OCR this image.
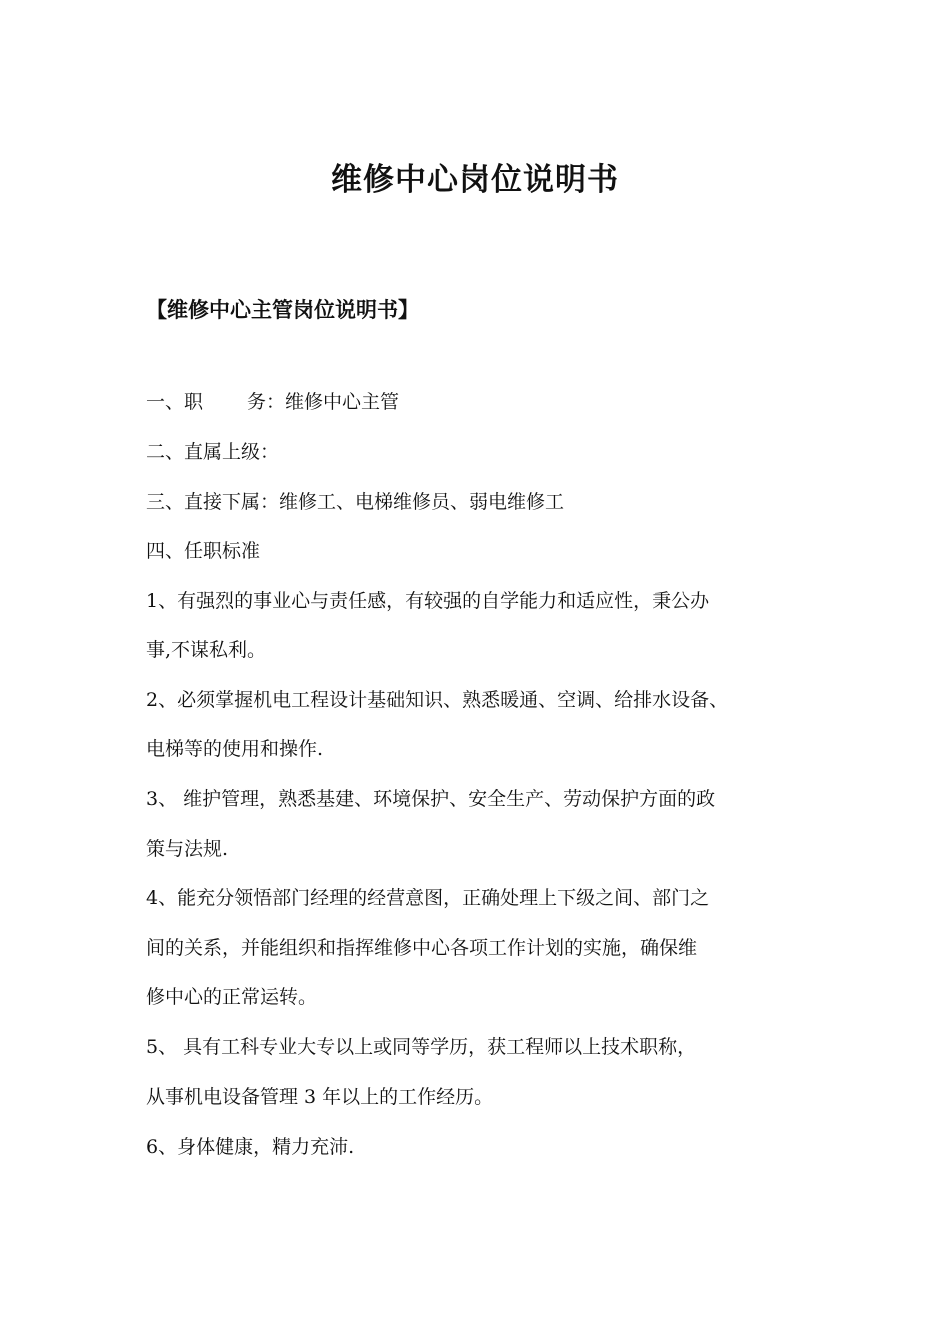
维修中心岗位说明书
【维修中心主管岗位说明书】

一、职 务：维修中心主管

二、直属上级：

三、直接下属：维修工、电梯维修员、弱电维修工

四、任职标准

1、有强烈的事业心与责任感，有较强的自学能力和适应性，秉公办

事,不谋私利。

2、必须掌握机电工程设计基础知识、熟悉暖通、空调、给排水设备、

电梯等的使用和操作.

3、 维护管理，熟悉基建、环境保护、安全生产、劳动保护方面的政

策与法规.

4、能充分领悟部门经理的经营意图，正确处理上下级之间、部门之

间的关系，并能组织和指挥维修中心各项工作计划的实施，确保维

修中心的正常运转。

5、 具有工科专业大专以上或同等学历，获工程师以上技术职称，

从事机电设备管理 3 年以上的工作经历。

6、身体健康，精力充沛.
